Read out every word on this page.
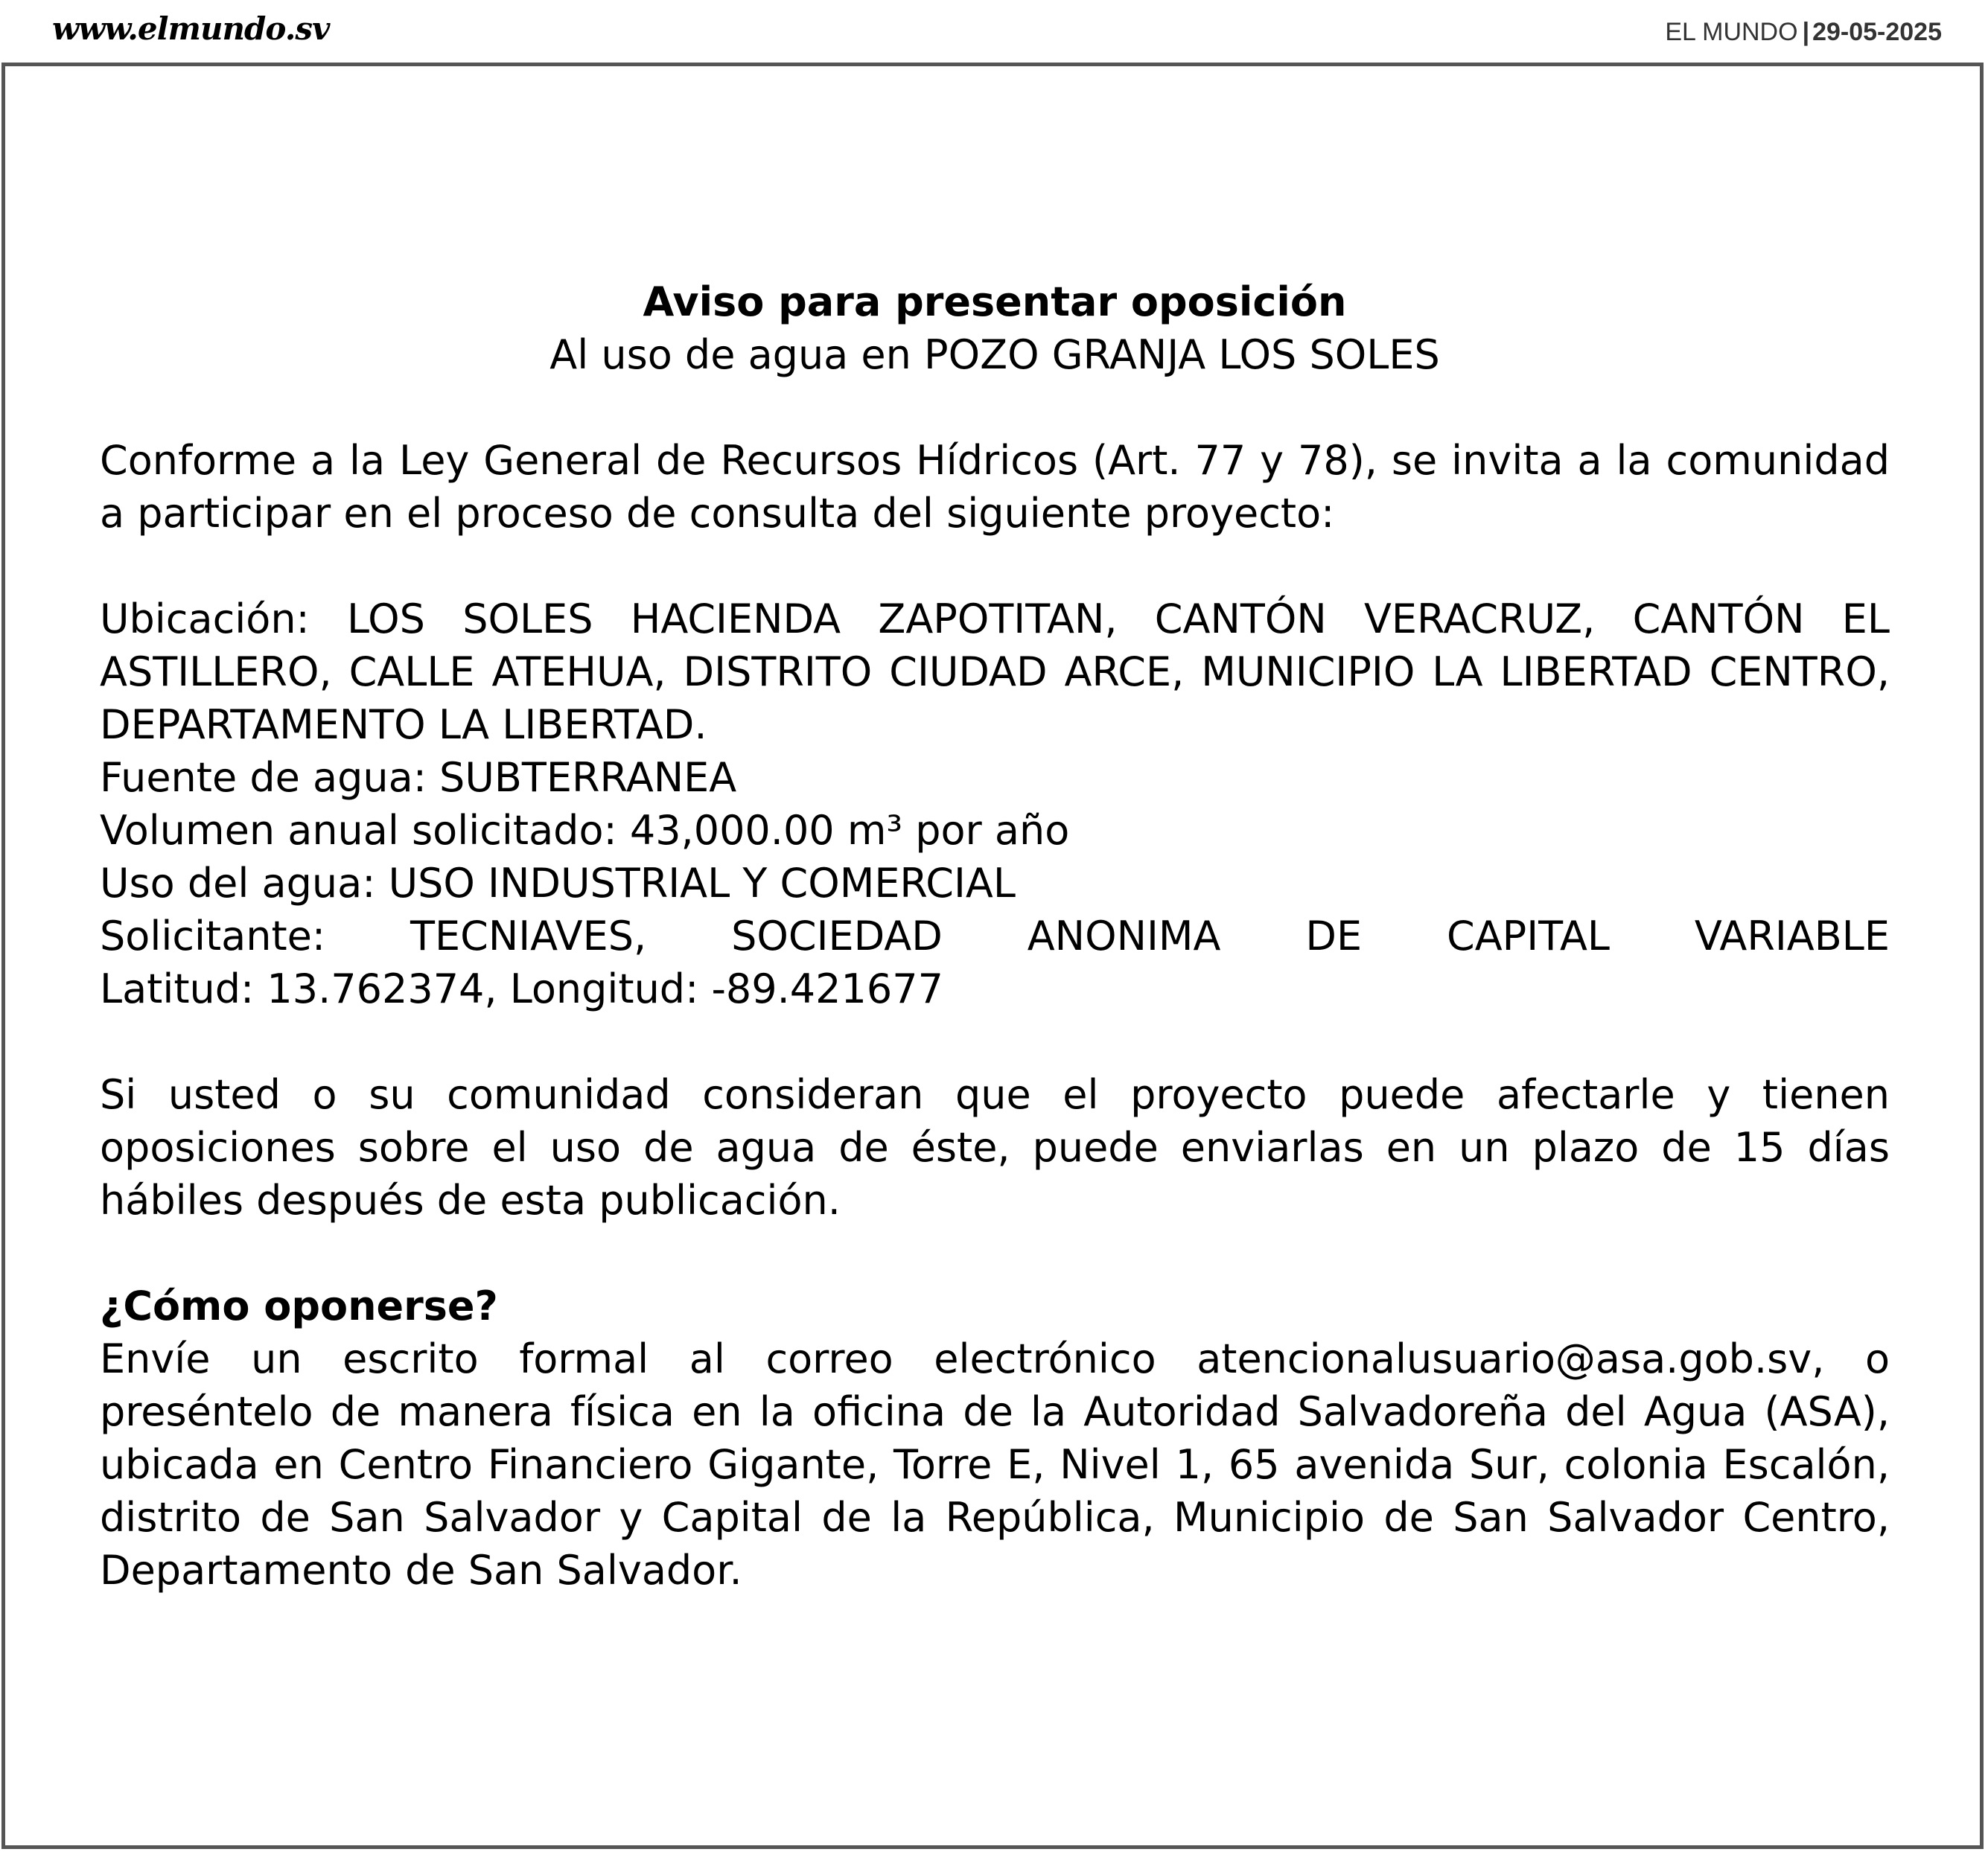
www.elmundo.sv	EL MUNDO | 29-05-2025

Aviso para presentar oposición

Al uso de agua en POZO GRANJA LOS SOLES

Conforme a la Ley General de Recursos Hídricos (Art. 77 y 78), se invita a la comunidad a participar en el proceso de consulta del siguiente proyecto:

Ubicación: LOS SOLES HACIENDA ZAPOTITAN, CANTÓN VERACRUZ, CANTÓN EL ASTILLERO, CALLE ATEHUA, DISTRITO CIUDAD ARCE, MUNICIPIO LA LIBERTAD CENTRO, DEPARTAMENTO LA LIBERTAD.

Fuente de agua: SUBTERRANEA

Volumen anual solicitado: 43,000.00 m³ por año

Uso del agua: USO INDUSTRIAL Y COMERCIAL

Solicitante: TECNIAVES, SOCIEDAD ANONIMA DE CAPITAL VARIABLE

Latitud: 13.762374, Longitud: -89.421677

Si usted o su comunidad consideran que el proyecto puede afectarle y tienen oposiciones sobre el uso de agua de éste, puede enviarlas en un plazo de 15 días hábiles después de esta publicación.

¿Cómo oponerse?

Envíe un escrito formal al correo electrónico atencionalusuario@asa.gob.sv, o preséntelo de manera física en la oficina de la Autoridad Salvadoreña del Agua (ASA), ubicada en Centro Financiero Gigante, Torre E, Nivel 1, 65 avenida Sur, colonia Escalón, distrito de San Salvador y Capital de la República, Municipio de San Salvador Centro, Departamento de San Salvador.
